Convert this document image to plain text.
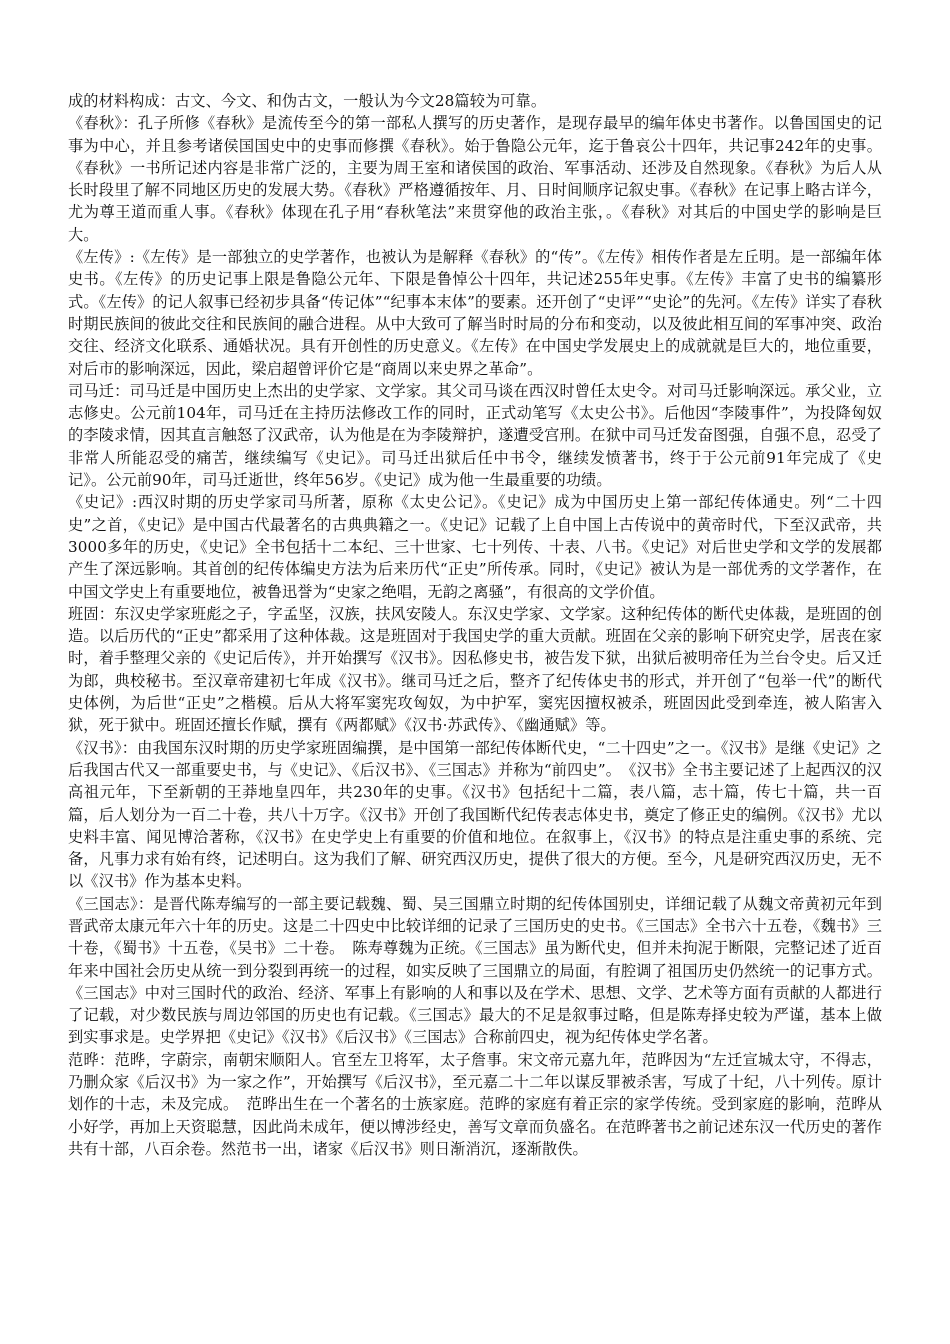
成的材料构成：古文、今文、和伪古文，一般认为今文28篇较为可靠。

《春秋》：孔子所修《春秋》是流传至今的第一部私人撰写的历史著作，是现存最早的编年体史书著作。以鲁国国史的记事为中心，并且参考诸侯国国史中的史事而修撰《春秋》。始于鲁隐公元年，迄于鲁哀公十四年，共记事242年的史事。《春秋》一书所记述内容是非常广泛的，主要为周王室和诸侯国的政治、军事活动、还涉及自然现象。《春秋》为后人从长时段里了解不同地区历史的发展大势。《春秋》严格遵循按年、月、日时间顺序记叙史事。《春秋》在记事上略古详今，尤为尊王道而重人事。《春秋》体现在孔子用“春秋笔法”来贯穿他的政治主张，。《春秋》对其后的中国史学的影响是巨大。

《左传》:《左传》是一部独立的史学著作，也被认为是解释《春秋》的“传”。《左传》相传作者是左丘明。是一部编年体史书。《左传》的历史记事上限是鲁隐公元年、下限是鲁悼公十四年，共记述255年史事。《左传》丰富了史书的编纂形式。《左传》的记人叙事已经初步具备“传记体”“纪事本末体”的要素。还开创了“史评”“史论”的先河。《左传》详实了春秋时期民族间的彼此交往和民族间的融合进程。从中大致可了解当时时局的分布和变动，以及彼此相互间的军事冲突、政治交往、经济文化联系、通婚状况。具有开创性的历史意义。《左传》在中国史学发展史上的成就就是巨大的，地位重要，对后市的影响深远，因此，梁启超曾评价它是“商周以来史界之革命”。

司马迁：司马迁是中国历史上杰出的史学家、文学家。其父司马谈在西汉时曾任太史令。对司马迁影响深远。承父业，立志修史。公元前104年，司马迁在主持历法修改工作的同时，正式动笔写《太史公书》。后他因“李陵事件”，为投降匈奴的李陵求情，因其直言触怒了汉武帝，认为他是在为李陵辩护，遂遭受宫刑。在狱中司马迁发奋图强，自强不息，忍受了非常人所能忍受的痛苦，继续编写《史记》。司马迁出狱后任中书令，继续发愤著书，终于于公元前91年完成了《史记》。公元前90年，司马迁逝世，终年56岁。《史记》成为他一生最重要的功绩。

《史记》:西汉时期的历史学家司马所著，原称《太史公记》。《史记》成为中国历史上第一部纪传体通史。列“二十四史”之首，《史记》是中国古代最著名的古典典籍之一。《史记》记载了上自中国上古传说中的黄帝时代，下至汉武帝，共3000多年的历史，《史记》全书包括十二本纪、三十世家、七十列传、十表、八书。《史记》对后世史学和文学的发展都产生了深远影响。其首创的纪传体编史方法为后来历代“正史”所传承。同时，《史记》被认为是一部优秀的文学著作，在中国文学史上有重要地位，被鲁迅誉为“史家之绝唱，无韵之离骚”，有很高的文学价值。

班固：东汉史学家班彪之子，字孟坚，汉族，扶风安陵人。东汉史学家、文学家。这种纪传体的断代史体裁，是班固的创造。以后历代的“正史”都采用了这种体裁。这是班固对于我国史学的重大贡献。班固在父亲的影响下研究史学，居丧在家时，着手整理父亲的《史记后传》，并开始撰写《汉书》。因私修史书，被告发下狱，出狱后被明帝任为兰台令史。后又迁为郎，典校秘书。至汉章帝建初七年成《汉书》。继司马迁之后，整齐了纪传体史书的形式，并开创了“包举一代”的断代史体例，为后世“正史”之楷模。后从大将军窦宪攻匈奴，为中护军，窦宪因擅权被杀，班固因此受到牵连，被人陷害入狱，死于狱中。班固还擅长作赋，撰有《两都赋》《汉书·苏武传》、《幽通赋》等。

《汉书》：由我国东汉时期的历史学家班固编撰，是中国第一部纪传体断代史，“二十四史”之一。《汉书》是继《史记》之后我国古代又一部重要史书，与《史记》、《后汉书》、《三国志》并称为“前四史”。　《汉书》全书主要记述了上起西汉的汉高祖元年，下至新朝的王莽地皇四年，共230年的史事。《汉书》包括纪十二篇，表八篇，志十篇，传七十篇，共一百篇，后人划分为一百二十卷，共八十万字。《汉书》开创了我国断代纪传表志体史书，奠定了修正史的编例。《汉书》尤以史料丰富、闻见博洽著称，《汉书》在史学史上有重要的价值和地位。在叙事上，《汉书》的特点是注重史事的系统、完备，凡事力求有始有终，记述明白。这为我们了解、研究西汉历史，提供了很大的方便。至今，凡是研究西汉历史，无不以《汉书》作为基本史料。

《三国志》：是晋代陈寿编写的一部主要记载魏、蜀、吴三国鼎立时期的纪传体国别史，详细记载了从魏文帝黄初元年到晋武帝太康元年六十年的历史。这是二十四史中比较详细的记录了三国历史的史书。《三国志》全书六十五卷，《魏书》三十卷，《蜀书》十五卷，《吴书》二十卷。　陈寿尊魏为正统。《三国志》虽为断代史，但并未拘泥于断限，完整记述了近百年来中国社会历史从统一到分裂到再统一的过程，如实反映了三国鼎立的局面，有腔调了祖国历史仍然统一的记事方式。《三国志》中对三国时代的政治、经济、军事上有影响的人和事以及在学术、思想、文学、艺术等方面有贡献的人都进行了记载，对少数民族与周边邻国的历史也有记载。《三国志》最大的不足是叙事过略，但是陈寿择史较为严谨，基本上做到实事求是。史学界把《史记》《汉书》《后汉书》《三国志》合称前四史，视为纪传体史学名著。

范晔：范晔，字蔚宗，南朝宋顺阳人。官至左卫将军，太子詹事。宋文帝元嘉九年，范晔因为“左迁宣城太守，不得志，乃删众家《后汉书》为一家之作”，开始撰写《后汉书》，至元嘉二十二年以谋反罪被杀害，写成了十纪，八十列传。原计划作的十志，未及完成。　范晔出生在一个著名的士族家庭。范晔的家庭有着正宗的家学传统。受到家庭的影响，范晔从小好学，再加上天资聪慧，因此尚未成年，便以博涉经史，善写文章而负盛名。在范晔著书之前记述东汉一代历史的著作共有十部，八百余卷。然范书一出，诸家《后汉书》则日渐消沉，逐渐散佚。
